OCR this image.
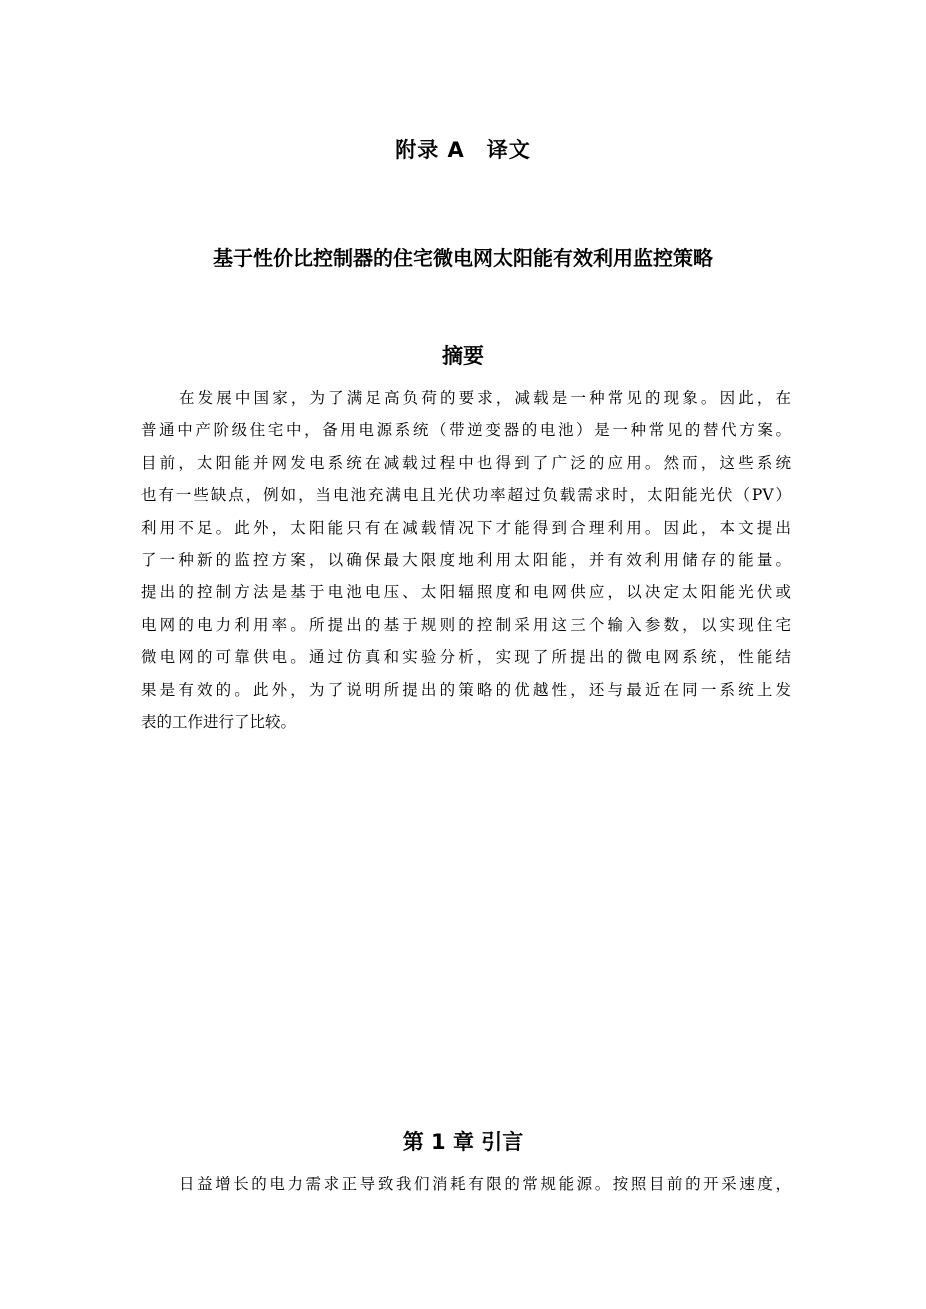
附录 A　译文
基于性价比控制器的住宅微电网太阳能有效利用监控策略
摘要
在发展中国家，为了满足高负荷的要求，减载是一种常见的现象。因此，在
普通中产阶级住宅中，备用电源系统（带逆变器的电池）是一种常见的替代方案。
目前，太阳能并网发电系统在减载过程中也得到了广泛的应用。然而，这些系统
也有一些缺点，例如，当电池充满电且光伏功率超过负载需求时，太阳能光伏（PV）
利用不足。此外，太阳能只有在减载情况下才能得到合理利用。因此，本文提出
了一种新的监控方案，以确保最大限度地利用太阳能，并有效利用储存的能量。
提出的控制方法是基于电池电压、太阳辐照度和电网供应，以决定太阳能光伏或
电网的电力利用率。所提出的基于规则的控制采用这三个输入参数，以实现住宅
微电网的可靠供电。通过仿真和实验分析，实现了所提出的微电网系统，性能结
果是有效的。此外，为了说明所提出的策略的优越性，还与最近在同一系统上发
表的工作进行了比较。
第 1 章 引言
日益增长的电力需求正导致我们消耗有限的常规能源。按照目前的开采速度，
